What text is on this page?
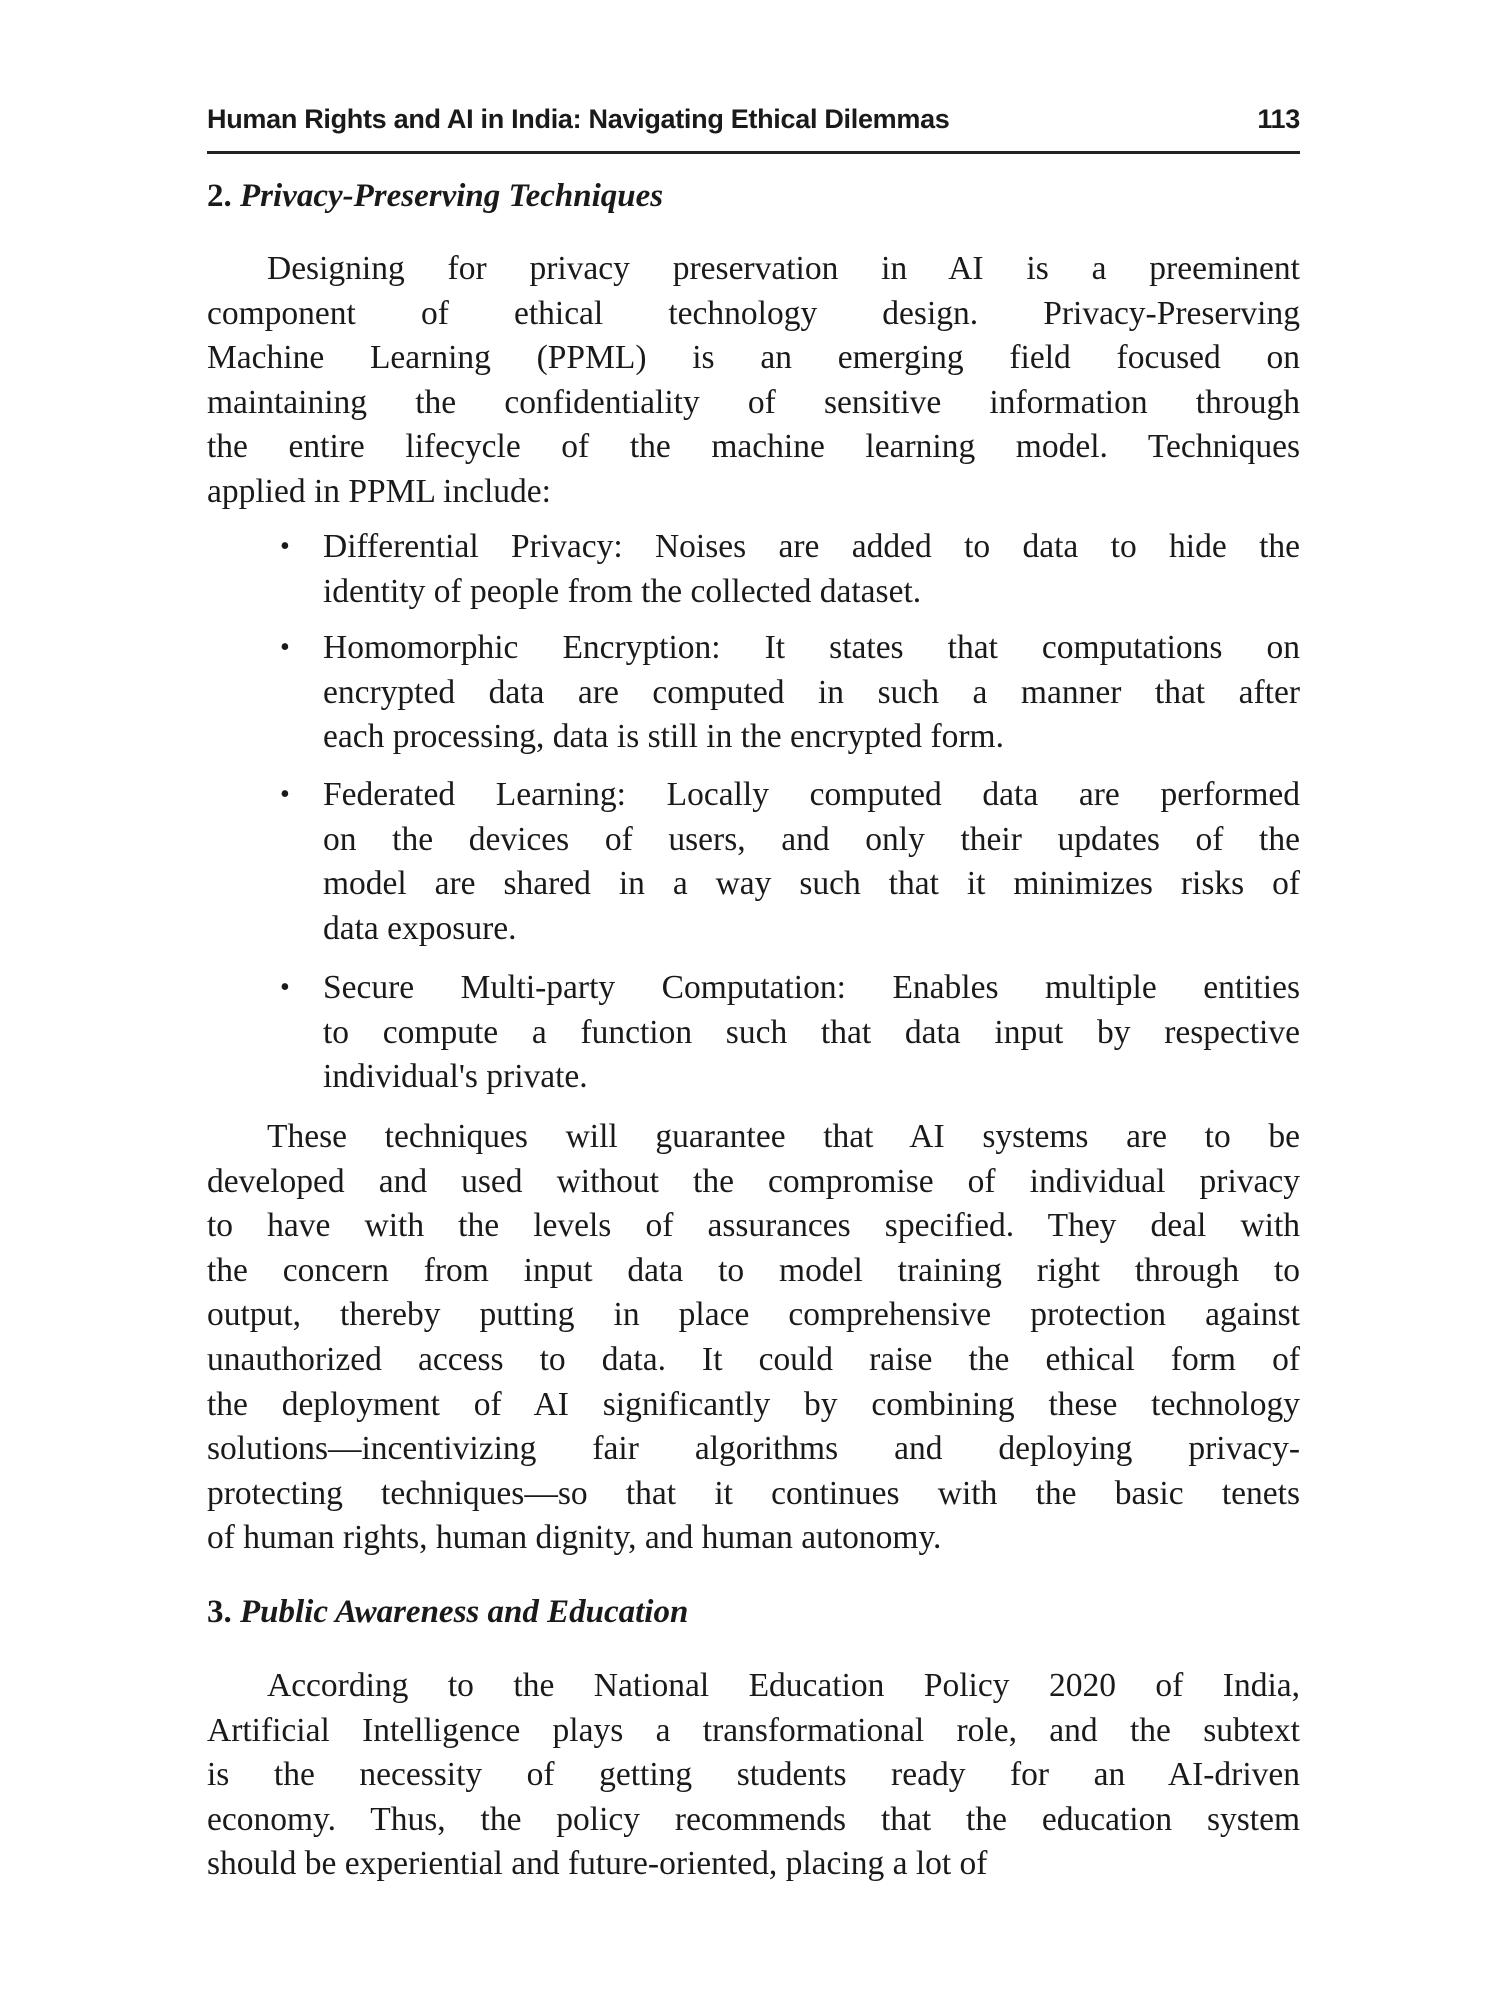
Human Rights and AI in India: Navigating Ethical Dilemmas	113
2. Privacy-Preserving Techniques
Designing for privacy preservation in AI is a preeminent
component of ethical technology design. Privacy-Preserving
Machine Learning (PPML) is an emerging field focused on
maintaining the confidentiality of sensitive information through
the entire lifecycle of the machine learning model. Techniques
applied in PPML include:
• Differential Privacy: Noises are added to data to hide the
identity of people from the collected dataset.
• Homomorphic Encryption: It states that computations on
encrypted data are computed in such a manner that after
each processing, data is still in the encrypted form.
• Federated Learning: Locally computed data are performed
on the devices of users, and only their updates of the
model are shared in a way such that it minimizes risks of
data exposure.
• Secure Multi-party Computation: Enables multiple entities
to compute a function such that data input by respective
individual's private.
These techniques will guarantee that AI systems are to be
developed and used without the compromise of individual privacy
to have with the levels of assurances specified. They deal with
the concern from input data to model training right through to
output, thereby putting in place comprehensive protection against
unauthorized access to data. It could raise the ethical form of
the deployment of AI significantly by combining these technology
solutions—incentivizing fair algorithms and deploying privacy-
protecting techniques—so that it continues with the basic tenets
of human rights, human dignity, and human autonomy.
3. Public Awareness and Education
According to the National Education Policy 2020 of India,
Artificial Intelligence plays a transformational role, and the subtext
is the necessity of getting students ready for an AI-driven
economy. Thus, the policy recommends that the education system
should be experiential and future-oriented, placing a lot of
